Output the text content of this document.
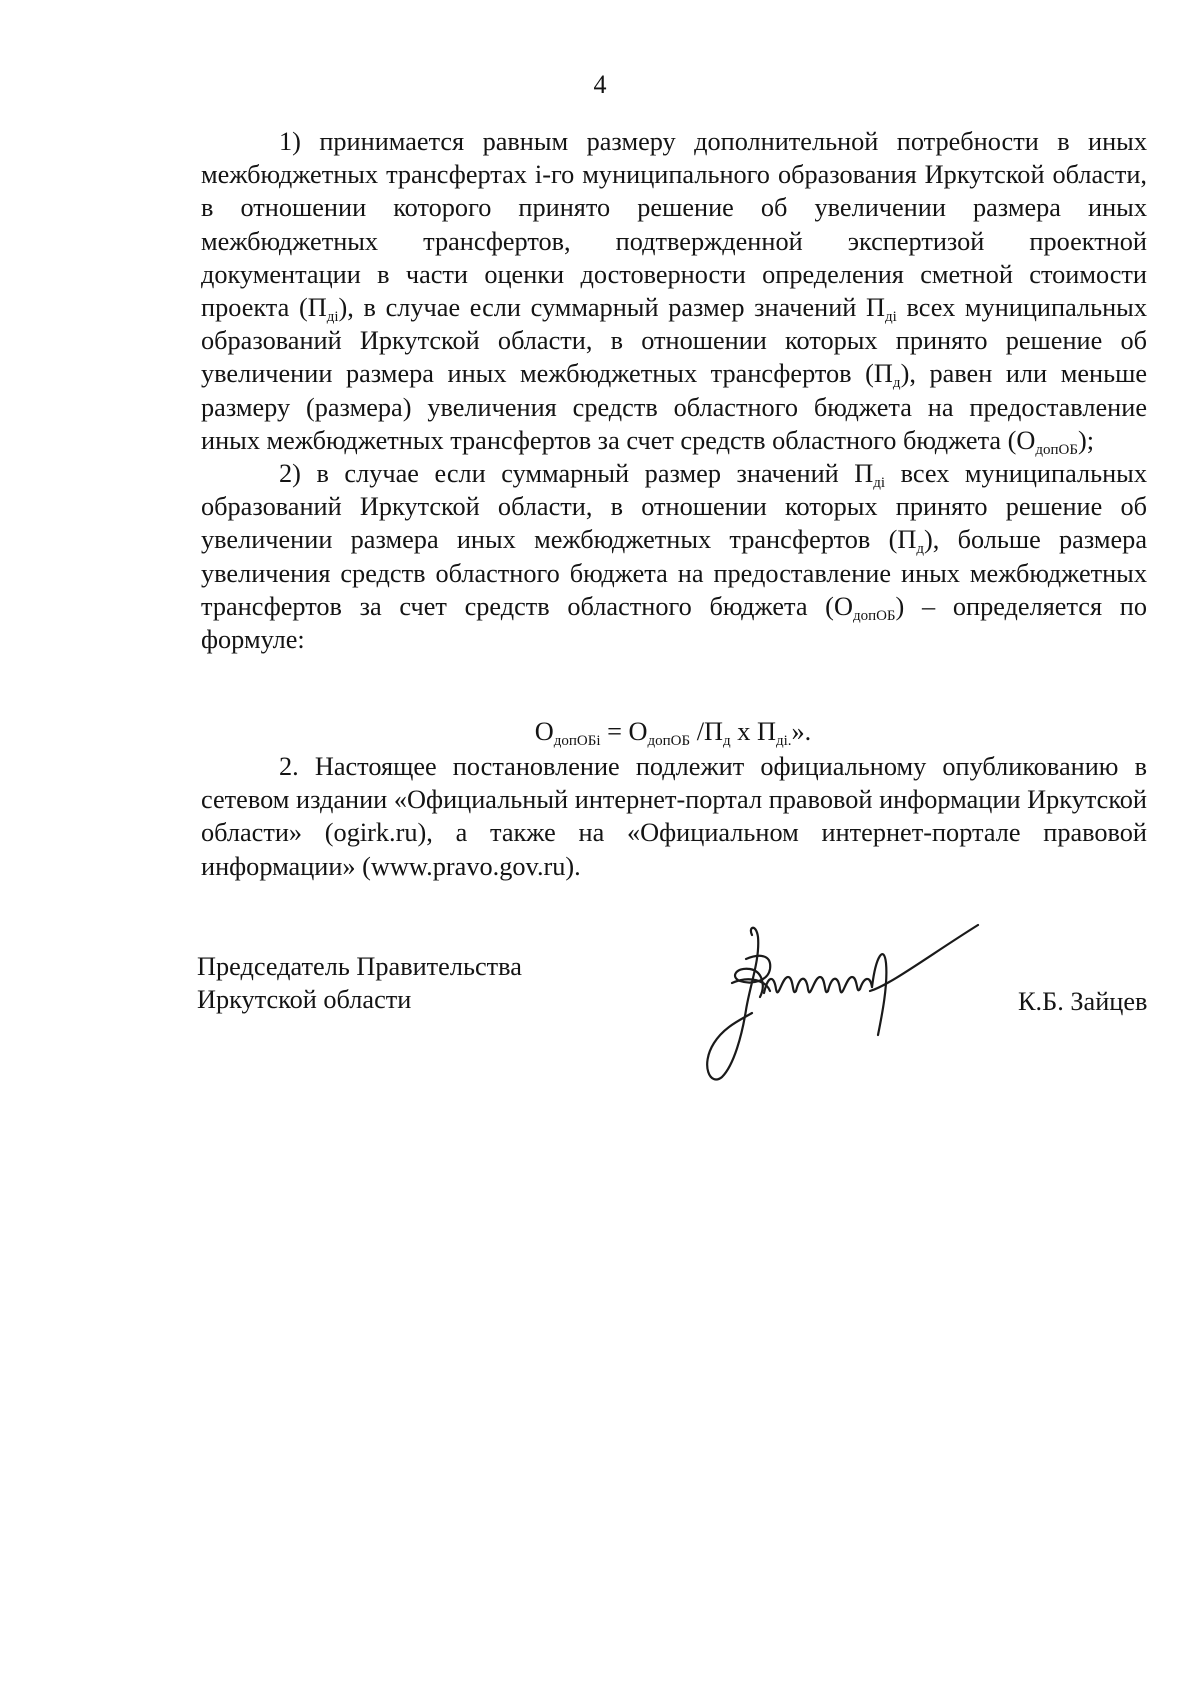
4

1) принимается равным размеру дополнительной потребности в иных межбюджетных трансфертах i-го муниципального образования Иркутской области, в отношении которого принято решение об увеличении размера иных межбюджетных трансфертов, подтвержденной экспертизой проектной документации в части оценки достоверности определения сметной стоимости проекта $(П_{дi})$, в случае если суммарный размер значений $П_{дi}$ всех муниципальных образований Иркутской области, в отношении которых принято решение об увеличении размера иных межбюджетных трансфертов $(П_д)$, равен или меньше размеру (размера) увеличения средств областного бюджета на предоставление иных межбюджетных трансфертов за счет средств областного бюджета $(О_{допОБ})$;

2) в случае если суммарный размер значений $П_{дi}$ всех муниципальных образований Иркутской области, в отношении которых принято решение об увеличении размера иных межбюджетных трансфертов $(П_д)$, больше размера увеличения средств областного бюджета на предоставление иных межбюджетных трансфертов за счет средств областного бюджета $(О_{допОБ})$ – определяется по формуле:

$О_{допОБi} = О_{допОБ}$ $/П_д$ х $П_{дi.}$».

2. Настоящее постановление подлежит официальному опубликованию в сетевом издании «Официальный интернет-портал правовой информации Иркутской области» (ogirk.ru), а также на «Официальном интернет-портале правовой информации» (www.pravo.gov.ru).

Председатель Правительства
Иркутской области	К.Б. Зайцев
